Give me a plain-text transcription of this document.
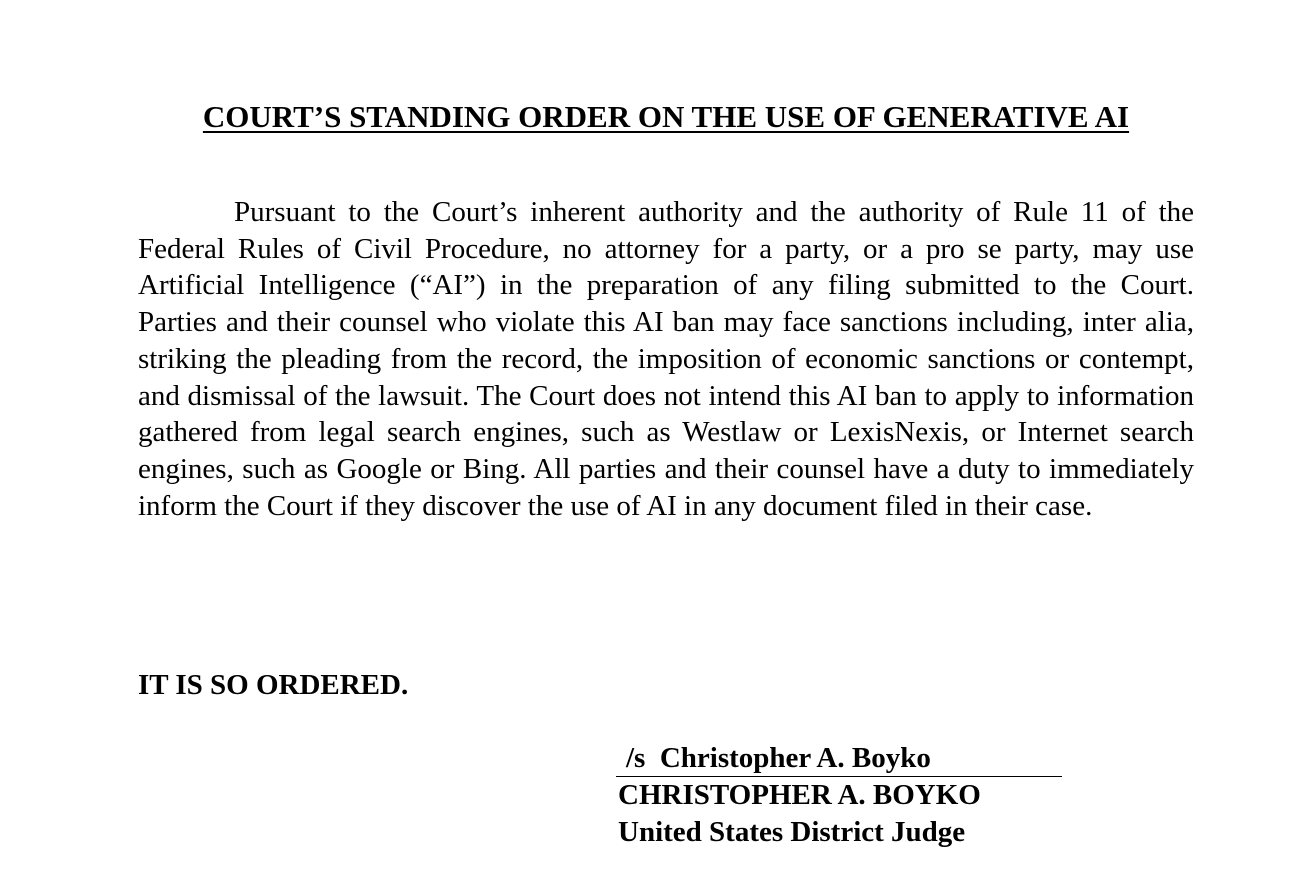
COURT’S STANDING ORDER ON THE USE OF GENERATIVE AI

Pursuant to the Court’s inherent authority and the authority of Rule 11 of the Federal Rules of Civil Procedure, no attorney for a party, or a pro se party, may use Artificial Intelligence (“AI”) in the preparation of any filing submitted to the Court. Parties and their counsel who violate this AI ban may face sanctions including, inter alia, striking the pleading from the record, the imposition of economic sanctions or contempt, and dismissal of the lawsuit. The Court does not intend this AI ban to apply to information gathered from legal search engines, such as Westlaw or LexisNexis, or Internet search engines, such as Google or Bing. All parties and their counsel have a duty to immediately inform the Court if they discover the use of AI in any document filed in their case.

IT IS SO ORDERED.

/s  Christopher A. Boyko
CHRISTOPHER A. BOYKO
United States District Judge
